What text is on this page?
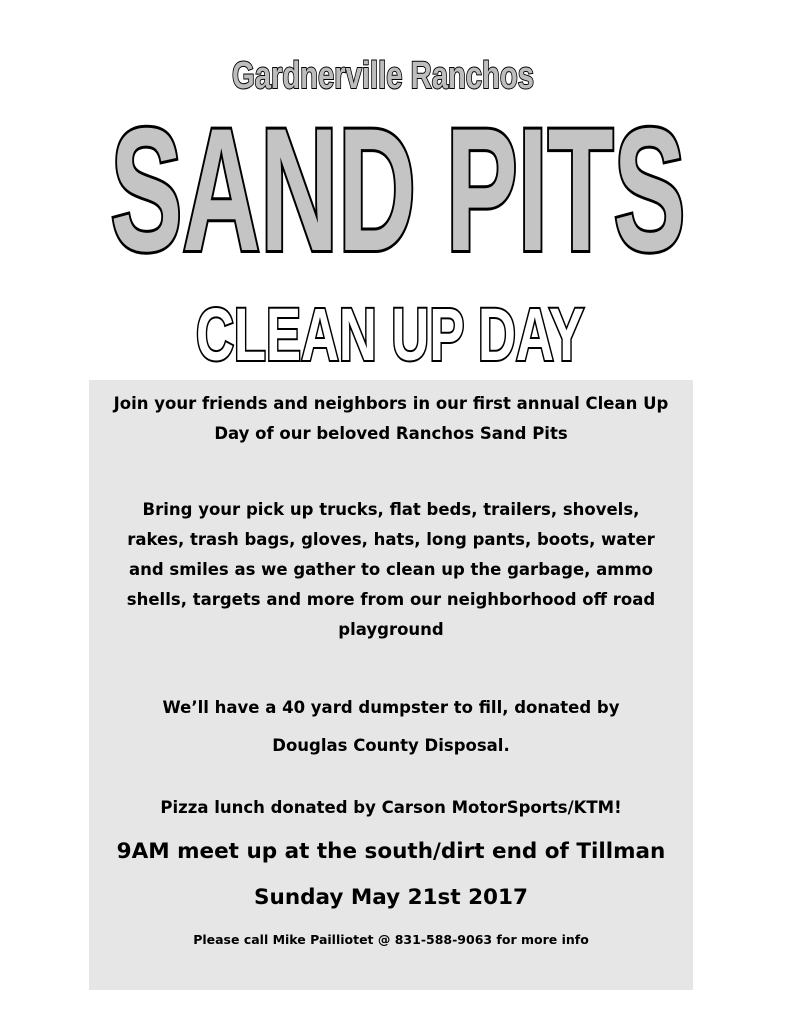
Gardnerville Ranchos
SAND PITS
CLEAN UP DAY
Join your friends and neighbors in our first annual Clean Up
Day of our beloved Ranchos Sand Pits
Bring your pick up trucks, flat beds, trailers, shovels,
rakes, trash bags, gloves, hats, long pants, boots, water
and smiles as we gather to clean up the garbage, ammo
shells, targets and more from our neighborhood off road
playground
We’ll have a 40 yard dumpster to fill, donated by
Douglas County Disposal.
Pizza lunch donated by Carson MotorSports/KTM!
9AM meet up at the south/dirt end of Tillman
Sunday May 21st 2017
Please call Mike Pailliotet @ 831-588-9063 for more info
